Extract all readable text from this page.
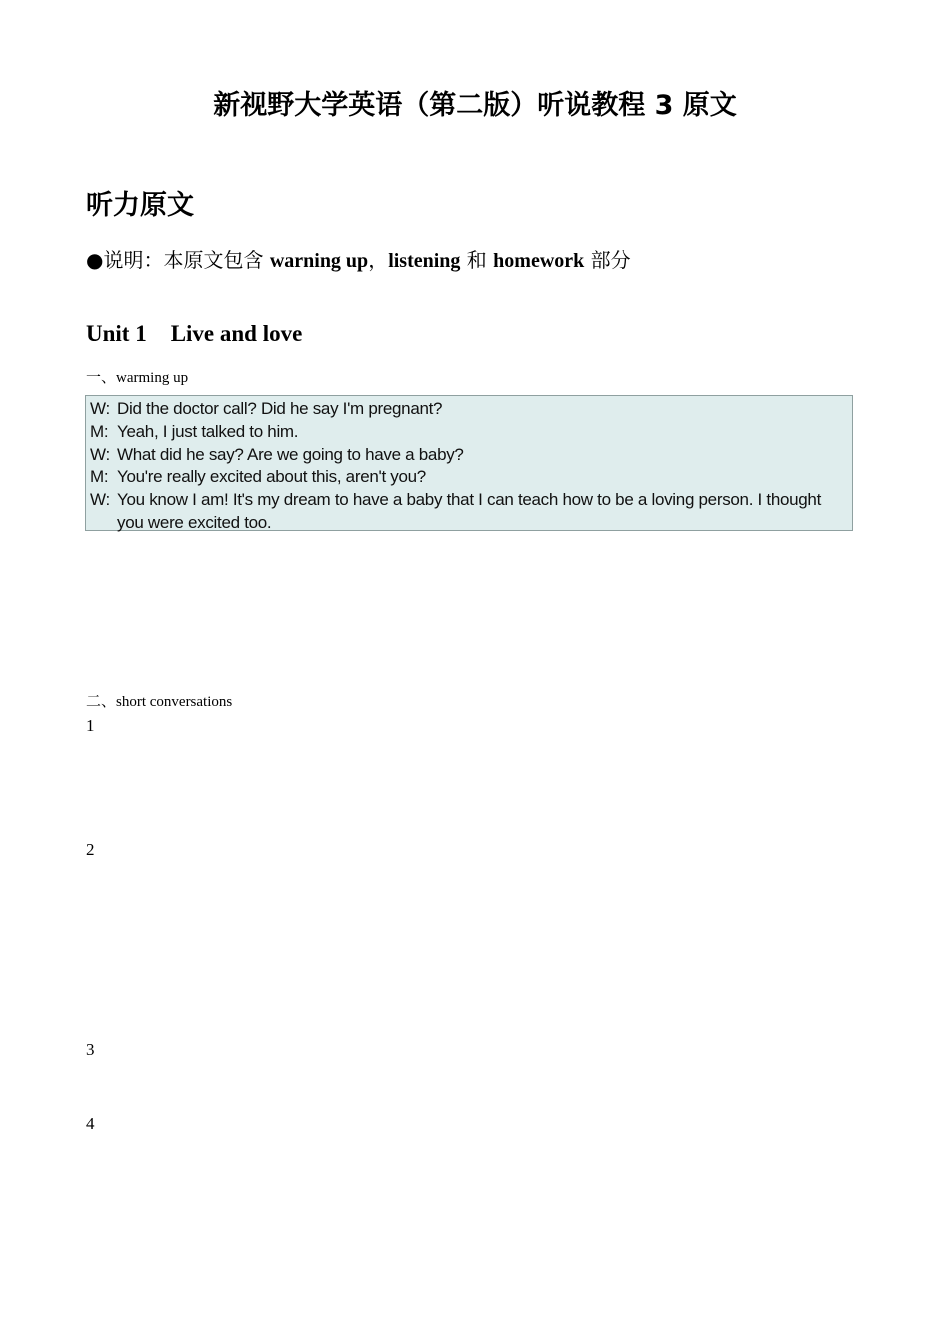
新视野大学英语（第二版）听说教程 3 原文
听力原文

●说明：本原文包含 warning up，listening 和 homework 部分

Unit 1 Live and love
一、warming up
W: Did the doctor call? Did he say I'm pregnant?
M: Yeah, I just talked to him.
W: What did he say? Are we going to have a baby?
M: You're really excited about this, aren't you?
W: You know I am! It's my dream to have a baby that I can teach how to be a loving person. I thought you were excited too.
二、short conversations
1
2
3
4
